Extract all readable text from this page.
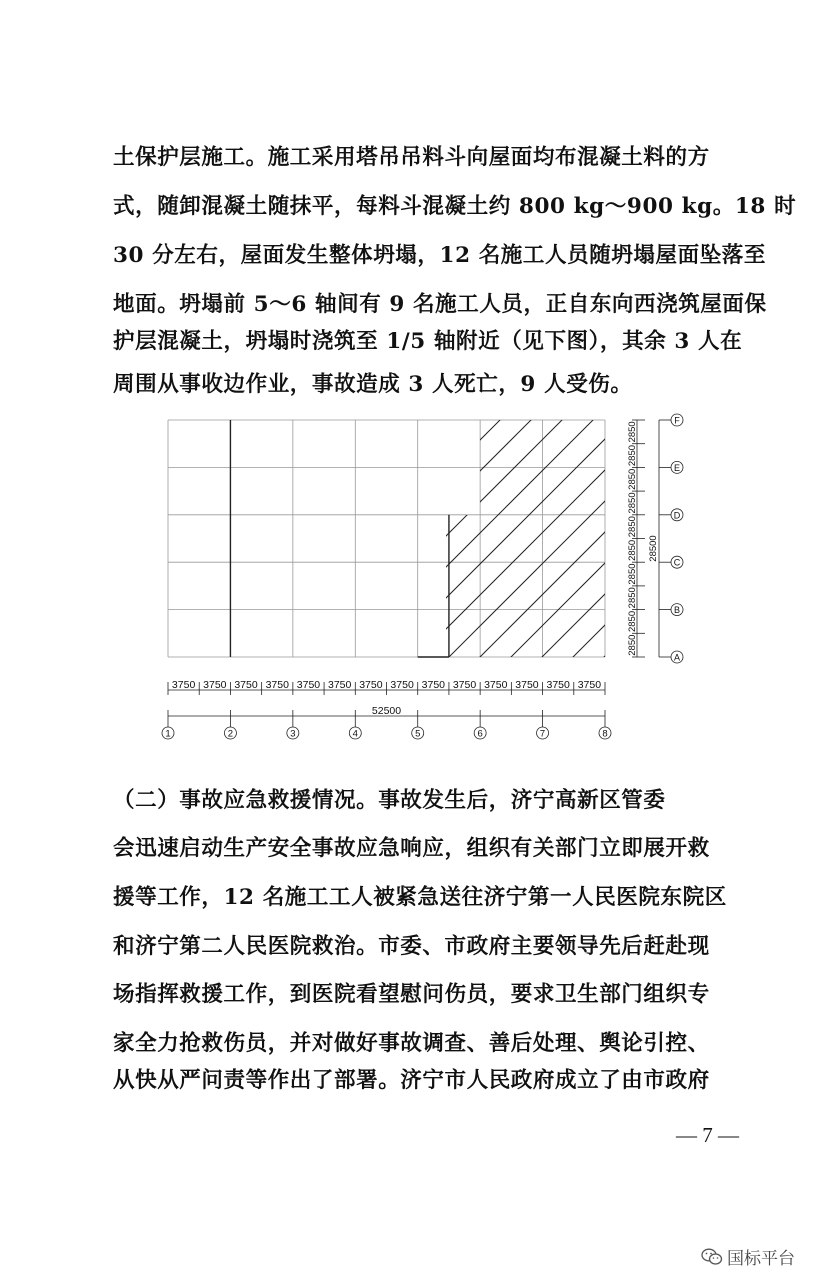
土保护层施工。施工采用塔吊吊料斗向屋面均布混凝土料的方
式，随卸混凝土随抹平，每料斗混凝土约 800 kg～900 kg。18 时
30 分左右，屋面发生整体坍塌，12 名施工人员随坍塌屋面坠落至
地面。坍塌前 5～6 轴间有 9 名施工人员，正自东向西浇筑屋面保
护层混凝土，坍塌时浇筑至 1/5 轴附近（见下图），其余 3 人在
周围从事收边作业，事故造成 3 人死亡，9 人受伤。
3750 3750 3750 3750 3750 3750 3750 3750 3750 3750 3750 3750 3750 3750
52500
1	2	3	4	5	6	7	8
2850
2850
2850
2850
2850
2850
2850
2850
2850
2850
28500
A
B
C
D
E
F
— 7 —
国标平台
（二）事故应急救援情况。事故发生后，济宁高新区管委
会迅速启动生产安全事故应急响应，组织有关部门立即展开救
援等工作，12 名施工工人被紧急送往济宁第一人民医院东院区
和济宁第二人民医院救治。市委、市政府主要领导先后赶赴现
场指挥救援工作，到医院看望慰问伤员，要求卫生部门组织专
家全力抢救伤员，并对做好事故调查、善后处理、舆论引控、
从快从严问责等作出了部署。济宁市人民政府成立了由市政府
